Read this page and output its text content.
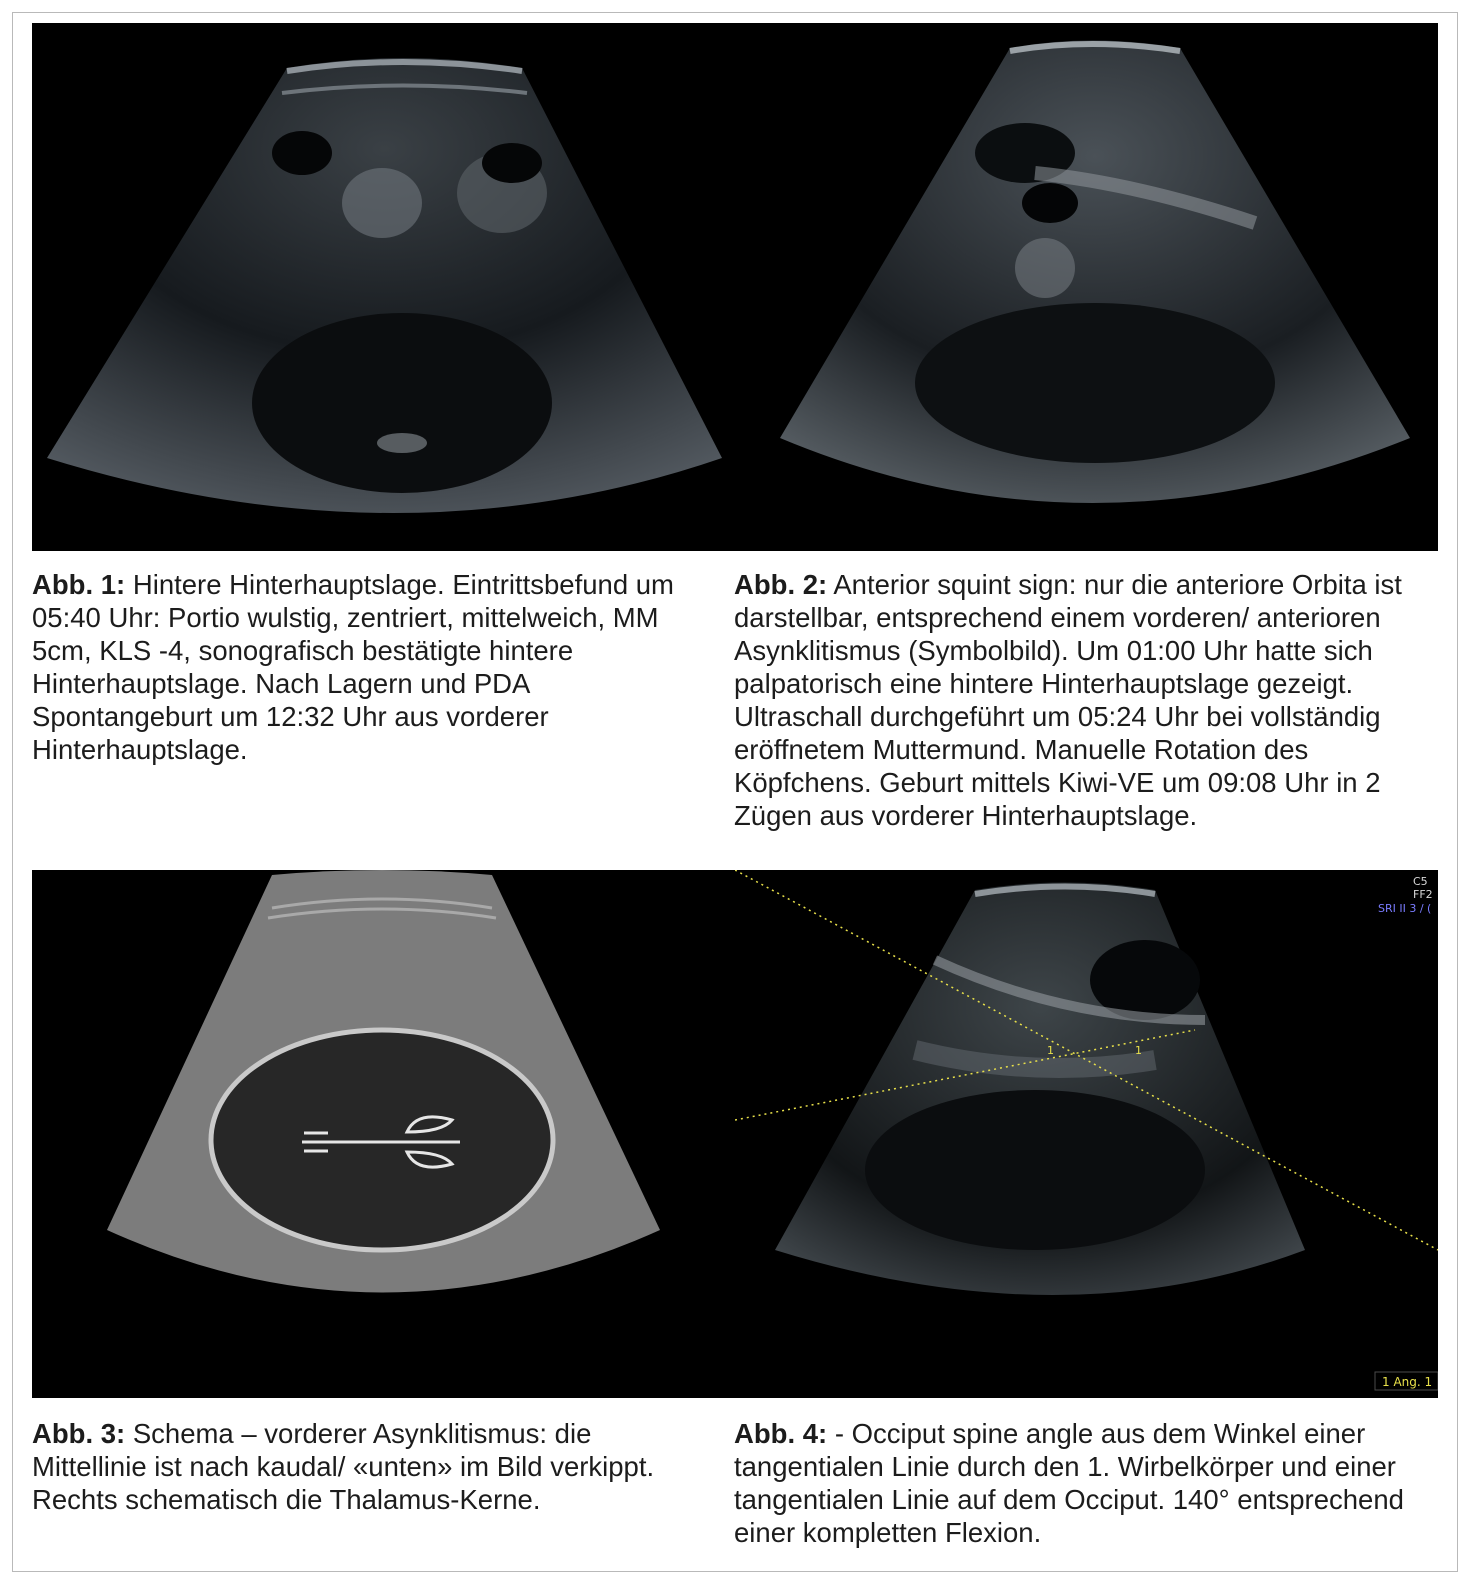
Abb. 1: Hintere Hinterhauptslage. Eintrittsbefund um 05:40 Uhr: Portio wulstig, zentriert, mittelweich, MM 5cm, KLS -4, sonografisch bestätigte hintere Hinterhauptslage. Nach Lagern und PDA Spontangeburt um 12:32 Uhr aus vorderer Hinterhauptslage.
Abb. 2: Anterior squint sign: nur die anteriore Orbita ist darstellbar, entsprechend einem vorderen/ anterioren Asynklitismus (Symbolbild). Um 01:00 Uhr hatte sich palpatorisch eine hintere Hinterhauptslage gezeigt. Ultraschall durchgeführt um 05:24 Uhr bei vollständig eröffnetem Muttermund. Manuelle Rotation des Köpfchens. Geburt mittels Kiwi-VE um 09:08 Uhr in 2 Zügen aus vorderer Hinterhauptslage.
1	1
C5
FF2
SRI II 3 / (
1 Ang. 1
Abb. 3: Schema – vorderer Asynklitismus: die Mittellinie ist nach kaudal/ «unten» im Bild verkippt. Rechts schematisch die Thalamus-Kerne.
Abb. 4: - Occiput spine angle aus dem Winkel einer tangentialen Linie durch den 1. Wirbelkörper und einer tangentialen Linie auf dem Occiput. 140° entsprechend einer kompletten Flexion.
